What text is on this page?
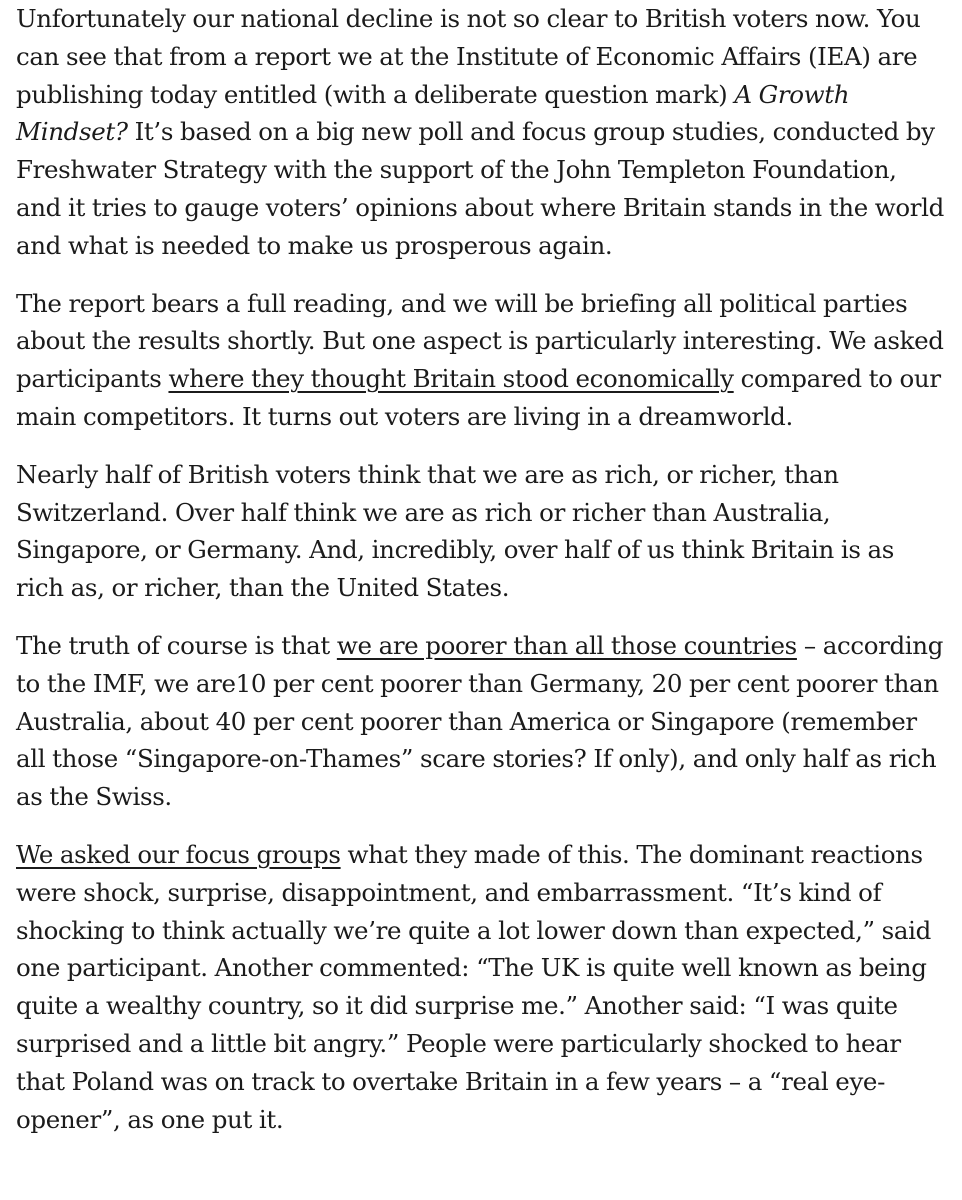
Unfortunately our national decline is not so clear to British voters now. You can see that from a report we at the Institute of Economic Affairs (IEA) are publishing today entitled (with a deliberate question mark) A Growth Mindset? It’s based on a big new poll and focus group studies, conducted by Freshwater Strategy with the support of the John Templeton Foundation, and it tries to gauge voters’ opinions about where Britain stands in the world and what is needed to make us prosperous again.

The report bears a full reading, and we will be briefing all political parties about the results shortly. But one aspect is particularly interesting. We asked participants where they thought Britain stood economically compared to our main competitors. It turns out voters are living in a dreamworld.

Nearly half of British voters think that we are as rich, or richer, than Switzerland. Over half think we are as rich or richer than Australia, Singapore, or Germany. And, incredibly, over half of us think Britain is as rich as, or richer, than the United States.

The truth of course is that we are poorer than all those countries – according to the IMF, we are10 per cent poorer than Germany, 20 per cent poorer than Australia, about 40 per cent poorer than America or Singapore (remember all those “Singapore-on-Thames” scare stories? If only), and only half as rich as the Swiss.

We asked our focus groups what they made of this. The dominant reactions were shock, surprise, disappointment, and embarrassment. “It’s kind of shocking to think actually we’re quite a lot lower down than expected,” said one participant. Another commented: “The UK is quite well known as being quite a wealthy country, so it did surprise me.” Another said: “I was quite surprised and a little bit angry.” People were particularly shocked to hear that Poland was on track to overtake Britain in a few years – a “real eye-opener”, as one put it.
